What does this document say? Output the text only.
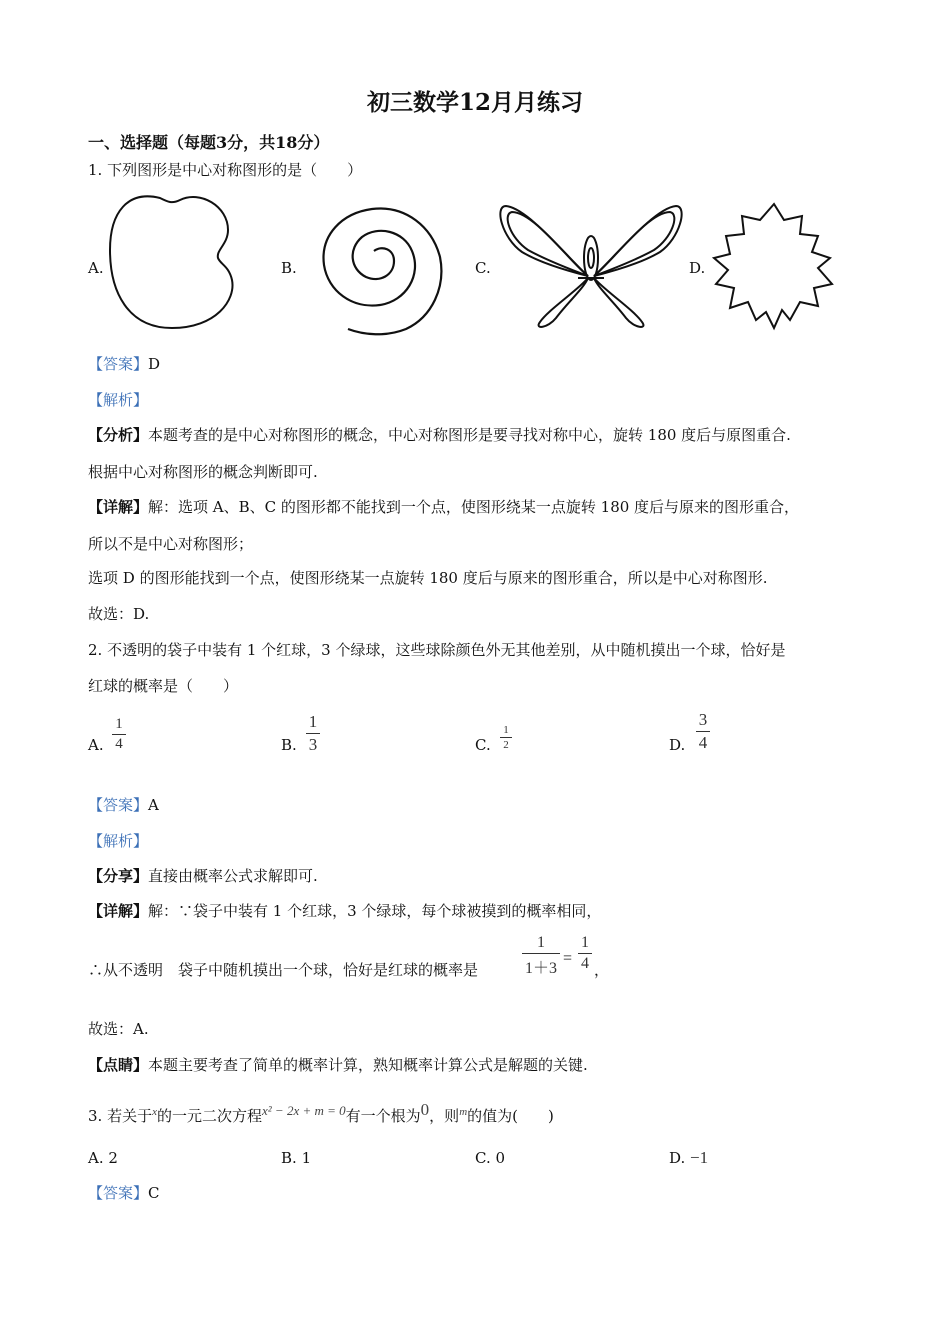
初三数学12月月练习
一、选择题（每题3分，共18分）
1. 下列图形是中心对称图形的是（　　）
A.	B.	C.	D.
【答案】D
【解析】
【分析】本题考查的是中心对称图形的概念，中心对称图形是要寻找对称中心，旋转 180 度后与原图重合.
根据中心对称图形的概念判断即可.
【详解】解：选项 A、B、C 的图形都不能找到一个点，使图形绕某一点旋转 180 度后与原来的图形重合，
所以不是中心对称图形；
选项 D 的图形能找到一个点，使图形绕某一点旋转 180 度后与原来的图形重合，所以是中心对称图形.
故选：D.
2. 不透明的袋子中装有 1 个红球，3 个绿球，这些球除颜色外无其他差别，从中随机摸出一个球，恰好是
红球的概率是（　　）
A.
1
4	B.
1
3	C.
1
2	D.
3
4
【答案】A
【解析】
【分享】直接由概率公式求解即可.
【详解】解：∵袋子中装有 1 个红球，3 个绿球，每个球被摸到的概率相同，
∴从不透明　袋子中随机摸出一个球，恰好是红球的概率是
1
1＋3
=
1
4 ，
故选：A.
【点睛】本题主要考查了简单的概率计算，熟知概率计算公式是解题的关键.
3. 若关于$^x$的一元二次方程$^{x^2 - 2x + m = 0}$有一个根为$^0$，则$^m$的值为(　　)
A. 2	B. 1	C. 0	D. −1
【答案】C
